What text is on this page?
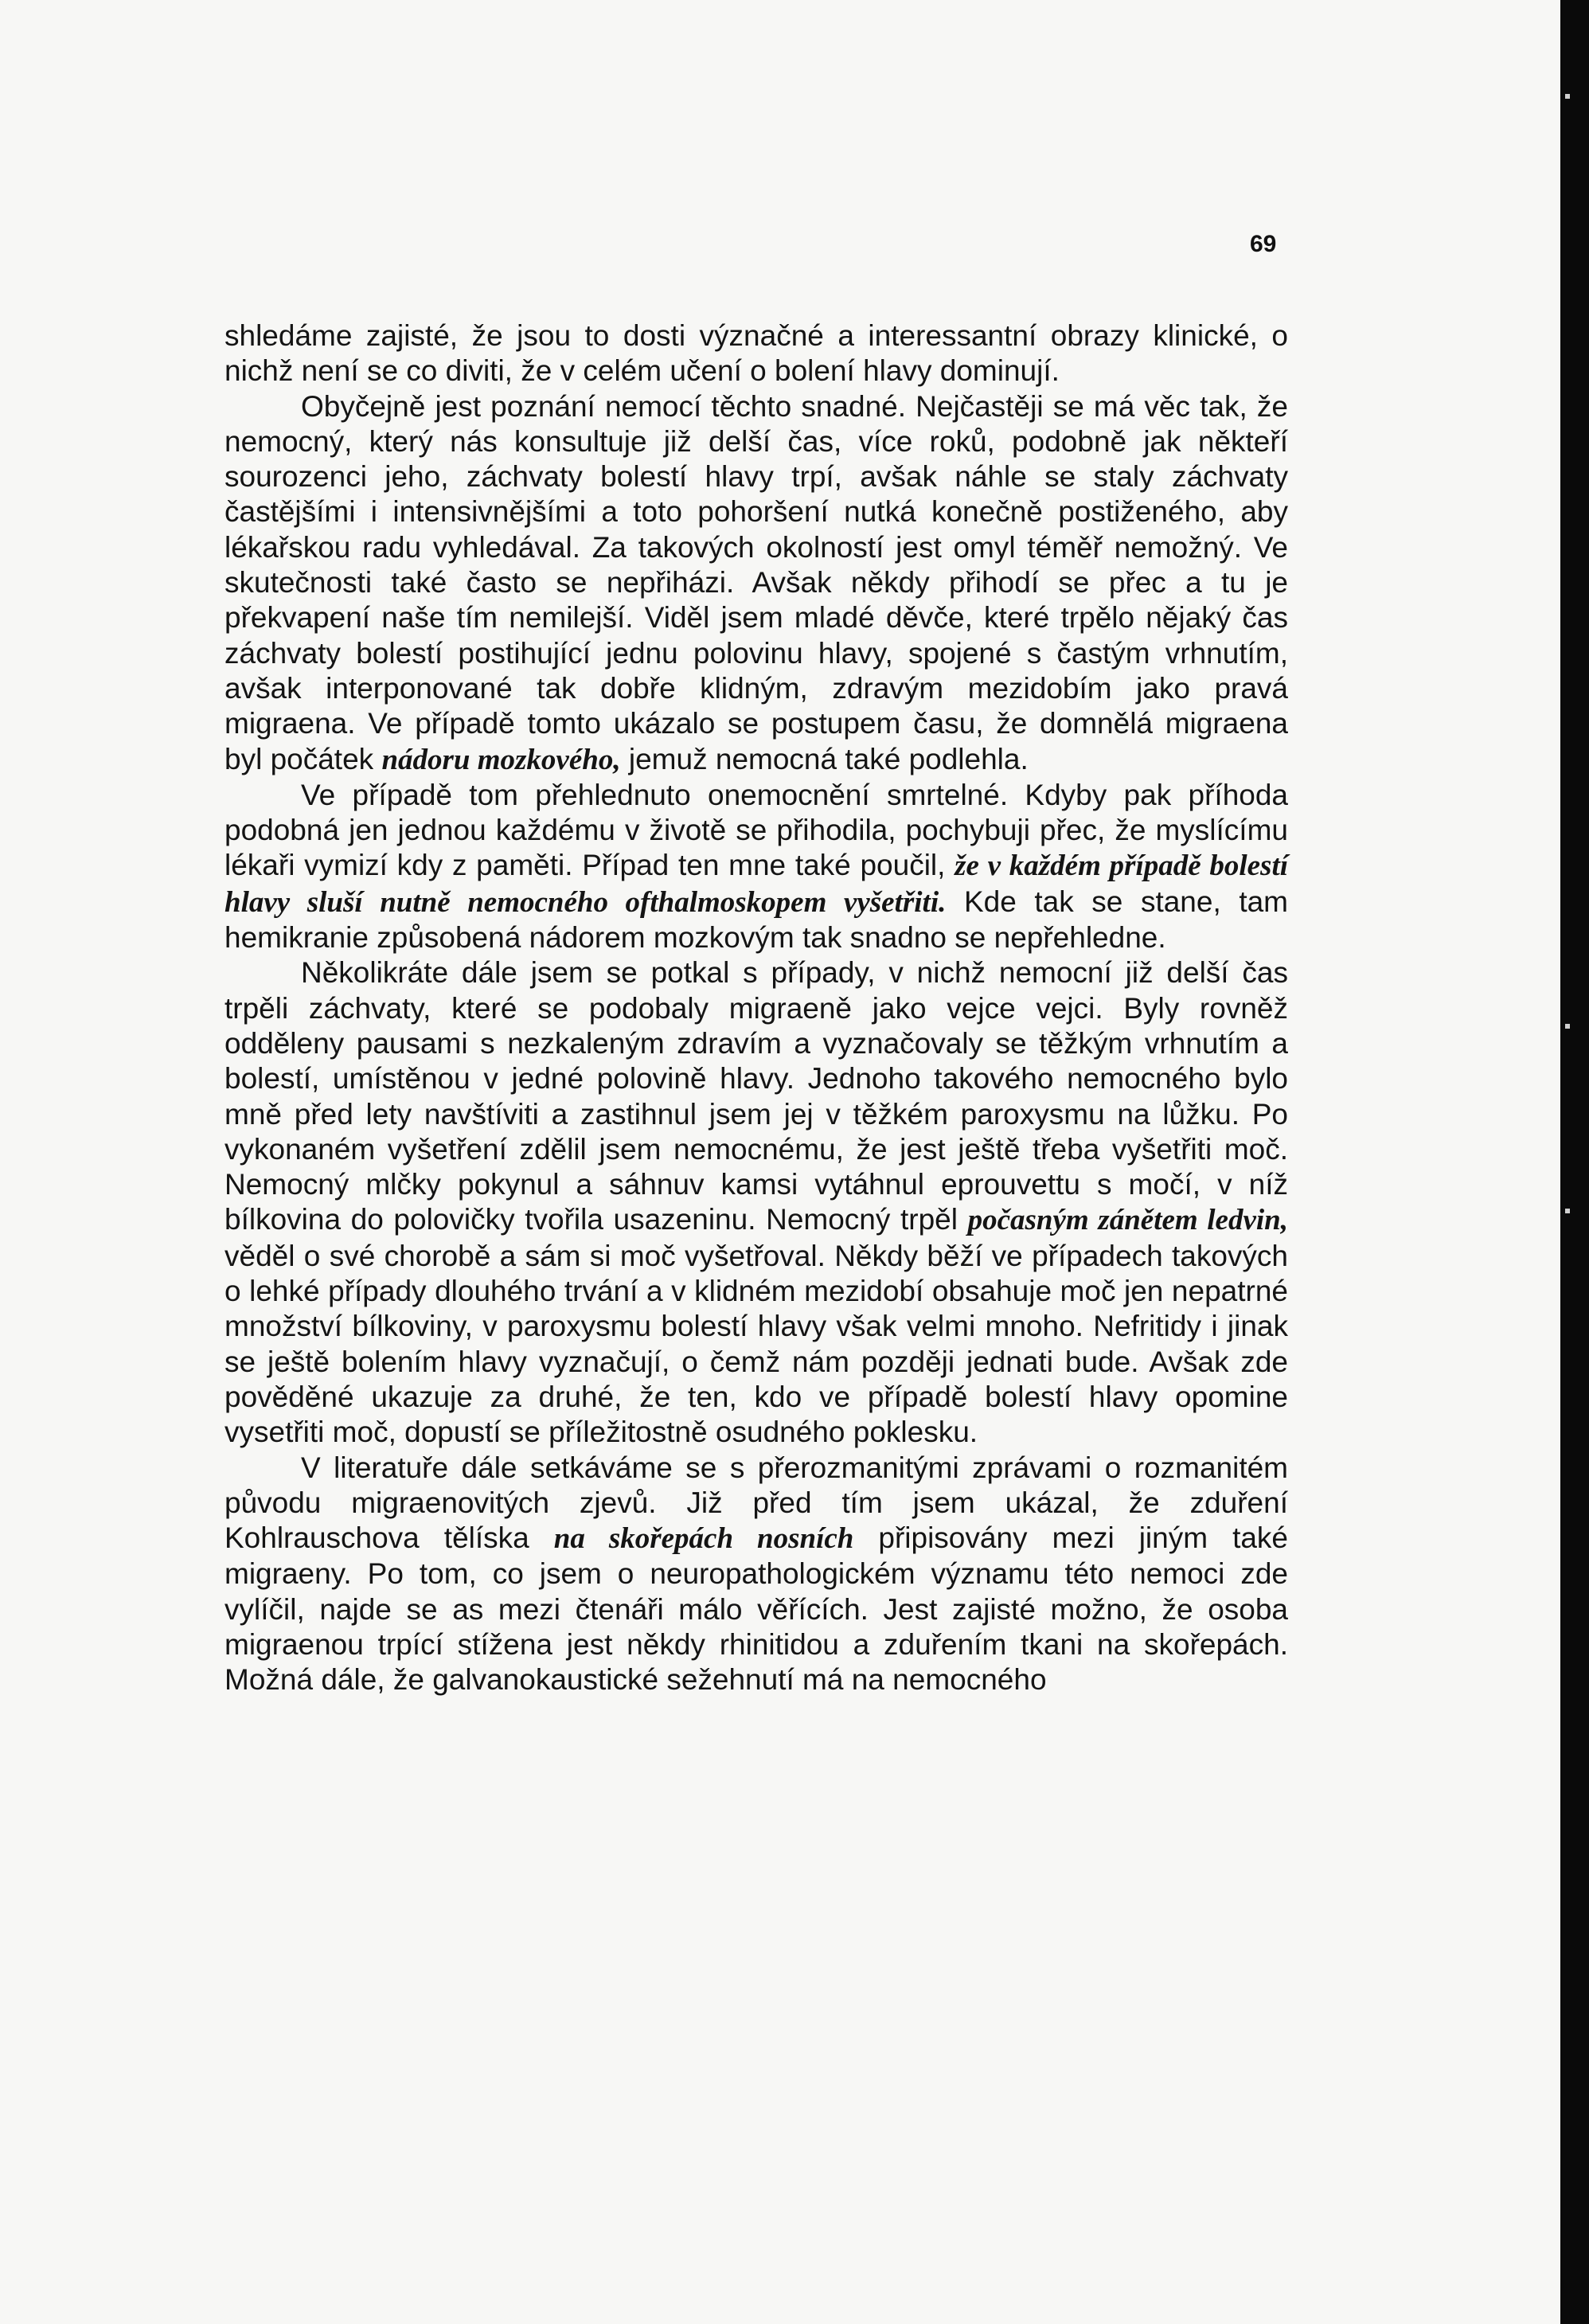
69

shledáme zajisté, že jsou to dosti význačné a interessantní obrazy klinické, o nichž není se co diviti, že v celém učení o bolení hlavy dominují.

Obyčejně jest poznání nemocí těchto snadné. Nejčastěji se má věc tak, že nemocný, který nás konsultuje již delší čas, více roků, podobně jak někteří sourozenci jeho, záchvaty bolestí hlavy trpí, avšak náhle se staly záchvaty častějšími i intensivnějšími a toto pohoršení nutká konečně postiženého, aby lékařskou radu vyhledával. Za takových okolností jest omyl téměř nemožný. Ve skutečnosti také často se nepřiházi. Avšak někdy přihodí se přec a tu je překvapení naše tím nemilejší. Viděl jsem mladé děvče, které trpělo nějaký čas záchvaty bolestí postihující jednu polovinu hlavy, spojené s častým vrhnutím, avšak interponované tak dobře klidným, zdravým mezidobím jako pravá migraena. Ve případě tomto ukázalo se postupem času, že domnělá migraena byl počátek nádoru mozkového, jemuž nemocná také podlehla.

Ve případě tom přehlednuto onemocnění smrtelné. Kdyby pak příhoda podobná jen jednou každému v životě se přihodila, pochybuji přec, že myslícímu lékaři vymizí kdy z paměti. Případ ten mne také poučil, že v každém případě bolestí hlavy sluší nutně nemocného ofthalmoskopem vyšetřiti. Kde tak se stane, tam hemikranie způsobená nádorem mozkovým tak snadno se nepřehledne.

Několikráte dále jsem se potkal s případy, v nichž nemocní již delší čas trpěli záchvaty, které se podobaly migraeně jako vejce vejci. Byly rovněž odděleny pausami s nezkaleným zdravím a vyznačovaly se těžkým vrhnutím a bolestí, umístěnou v jedné polovině hlavy. Jednoho takového nemocného bylo mně před lety navštíviti a zastihnul jsem jej v těžkém paroxysmu na lůžku. Po vykonaném vyšetření zdělil jsem nemocnému, že jest ještě třeba vyšetřiti moč. Nemocný mlčky pokynul a sáhnuv kamsi vytáhnul eprouvettu s močí, v níž bílkovina do polovičky tvořila usazeninu. Nemocný trpěl počasným zánětem ledvin, věděl o své chorobě a sám si moč vyšetřoval. Někdy běží ve případech takových o lehké případy dlouhého trvání a v klidném mezidobí obsahuje moč jen nepatrné množství bílkoviny, v paroxysmu bolestí hlavy však velmi mnoho. Nefritidy i jinak se ještě bolením hlavy vyznačují, o čemž nám později jednati bude. Avšak zde pověděné ukazuje za druhé, že ten, kdo ve případě bolestí hlavy opomine vysetřiti moč, dopustí se příležitostně osudného poklesku.

V literatuře dále setkáváme se s přerozmanitými zprávami o rozmanitém původu migraenovitých zjevů. Již před tím jsem ukázal, že zduření Kohlrauschova tělíska na skořepách nosních připisovány mezi jiným také migraeny. Po tom, co jsem o neuropathologickém významu této nemoci zde vylíčil, najde se as mezi čtenáři málo věřících. Jest zajisté možno, že osoba migraenou trpící stížena jest někdy rhinitidou a zduřením tkani na skořepách. Možná dále, že galvanokaustické sežehnutí má na nemocného
